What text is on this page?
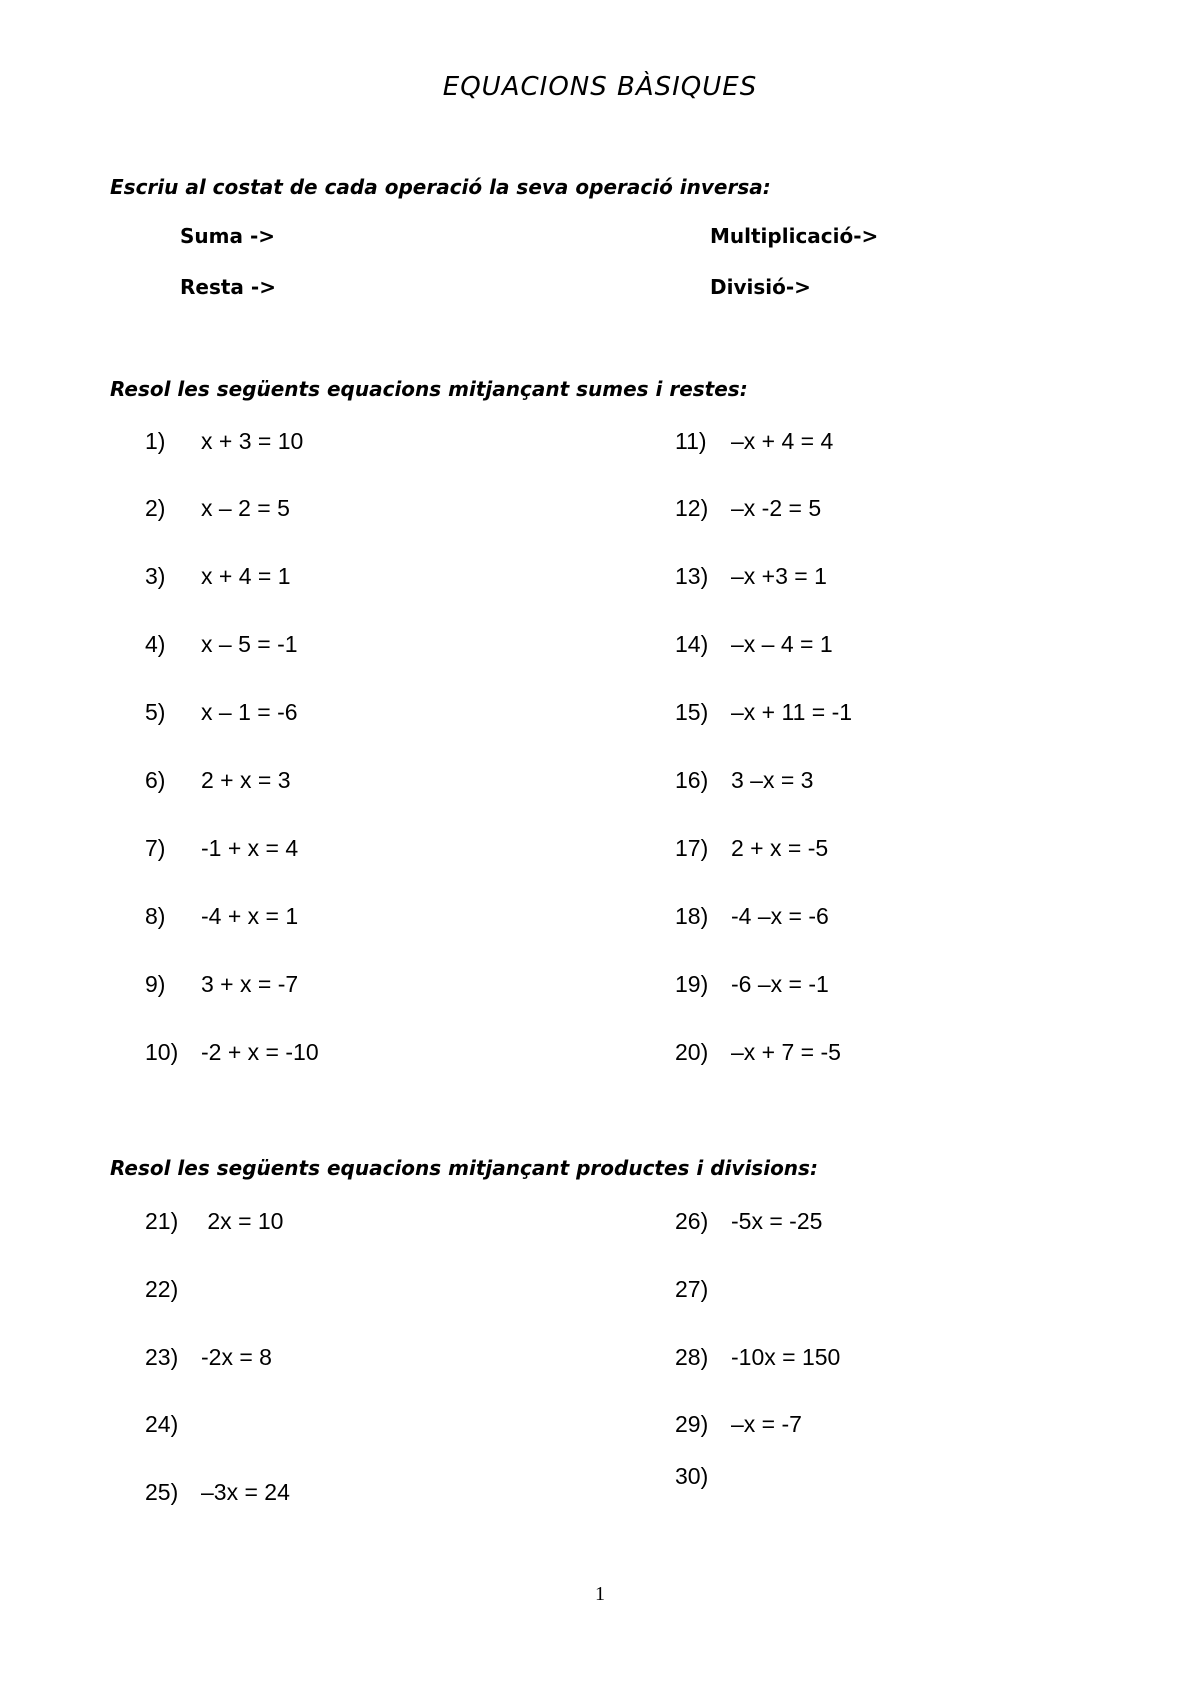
EQUACIONS BÀSIQUES
Escriu al costat de cada operació la seva operació inversa:
Suma ->	Multiplicació->
Resta ->	Divisió->
Resol les següents equacions mitjançant sumes i restes:
1) x + 3 = 10
2) x – 2 = 5
3) x + 4 = 1
4) x – 5 = -1
5) x – 1 = -6
6) 2 + x = 3
7) -1 + x = 4
8) -4 + x = 1
9) 3 + x = -7
10) -2 + x = -10
11) –x + 4 = 4
12) –x -2 = 5
13) –x +3 = 1
14) –x – 4 = 1
15) –x + 11 = -1
16) 3 –x = 3
17) 2 + x = -5
18) -4 –x = -6
19) -6 –x = -1
20) –x + 7 = -5
Resol les següents equacions mitjançant productes i divisions:
21) 2x = 10
22)
23) -2x = 8
24)
25) –3x = 24
26) -5x = -25
27)
28) -10x = 150
29) –x = -7
30)
1
